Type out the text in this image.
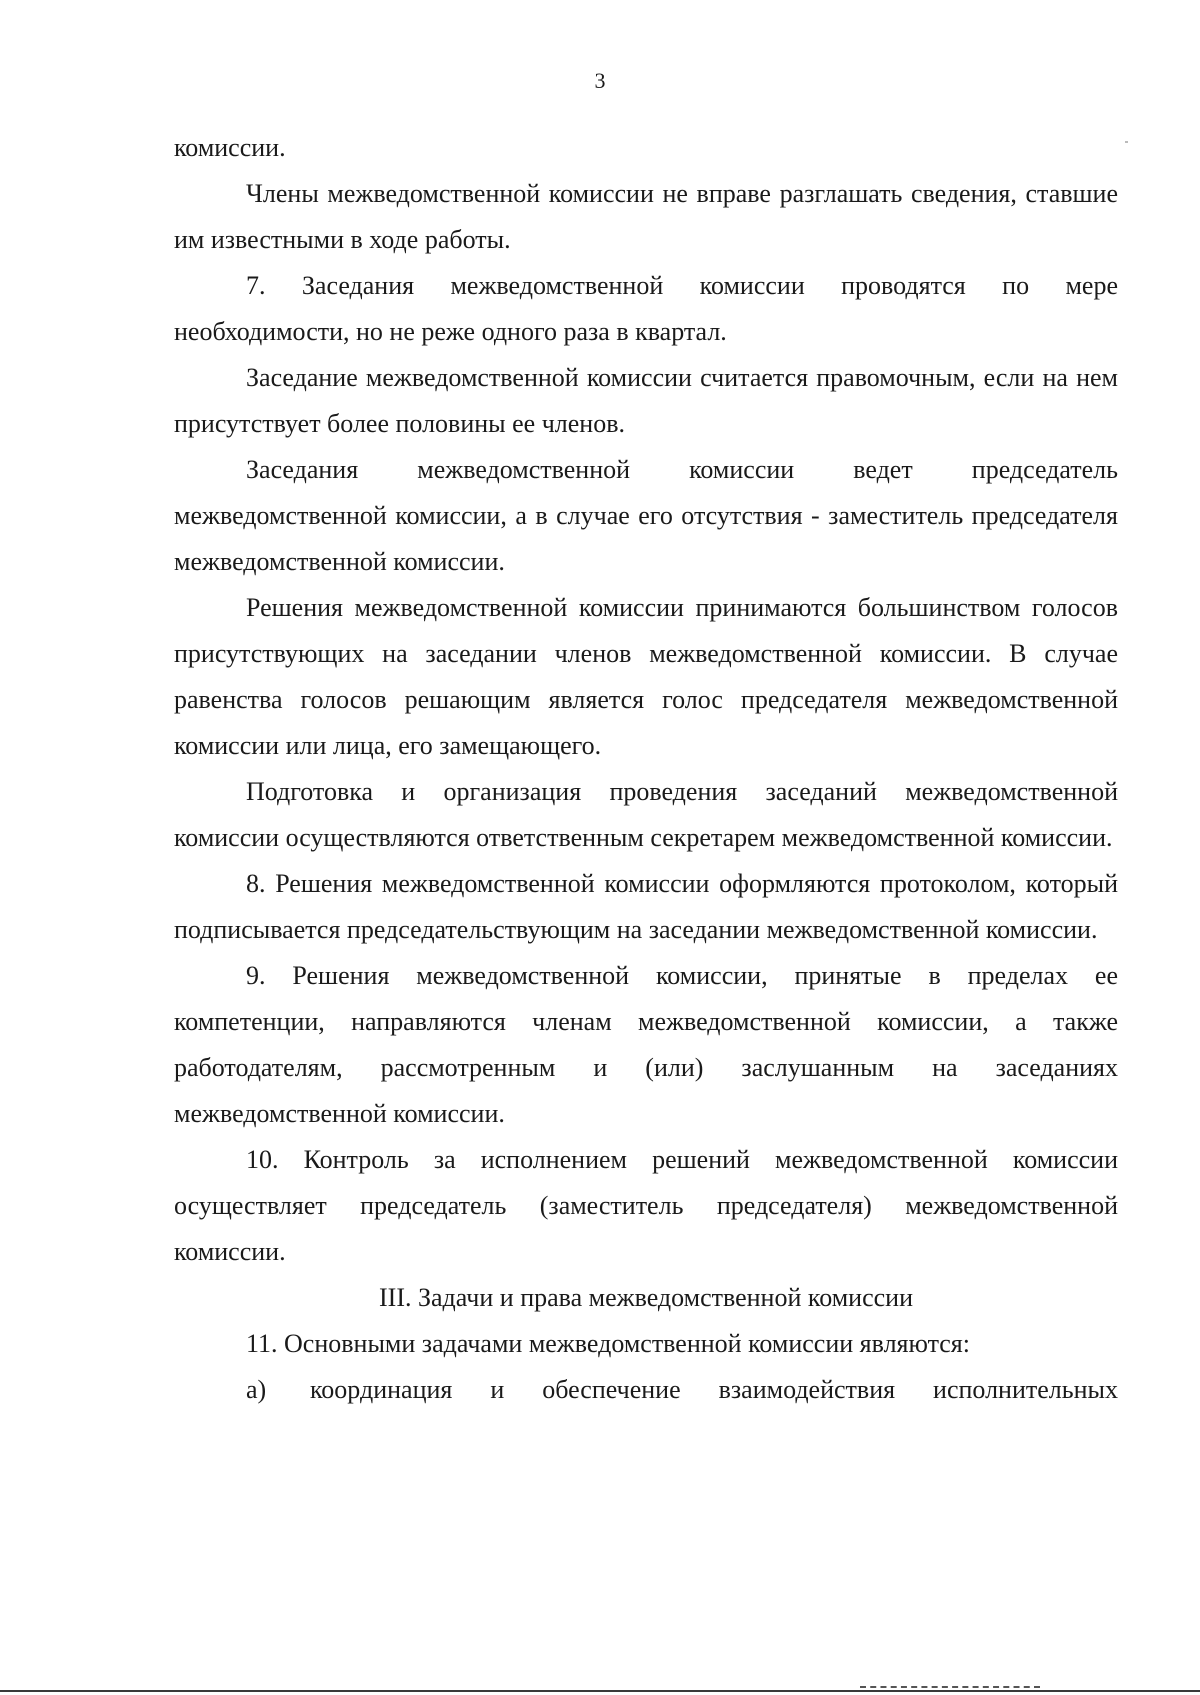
3

комиссии.

Члены межведомственной комиссии не вправе разглашать сведения, ставшие им известными в ходе работы.

7. Заседания межведомственной комиссии проводятся по мере необходимости, но не реже одного раза в квартал.

Заседание межведомственной комиссии считается правомочным, если на нем присутствует более половины ее членов.

Заседания межведомственной комиссии ведет председатель межведомственной комиссии, а в случае его отсутствия - заместитель председателя межведомственной комиссии.

Решения межведомственной комиссии принимаются большинством голосов присутствующих на заседании членов межведомственной комиссии. В случае равенства голосов решающим является голос председателя межведомственной комиссии или лица, его замещающего.

Подготовка и организация проведения заседаний межведомственной комиссии осуществляются ответственным секретарем межведомственной комиссии.

8. Решения межведомственной комиссии оформляются протоколом, который подписывается председательствующим на заседании межведомственной комиссии.

9. Решения межведомственной комиссии, принятые в пределах ее компетенции, направляются членам межведомственной комиссии, а также работодателям, рассмотренным и (или) заслушанным на заседаниях межведомственной комиссии.

10. Контроль за исполнением решений межведомственной комиссии осуществляет председатель (заместитель председателя) межведомственной комиссии.

III. Задачи и права межведомственной комиссии

11. Основными задачами межведомственной комиссии являются:

а)	координация и обеспечение взаимодействия исполнительных
